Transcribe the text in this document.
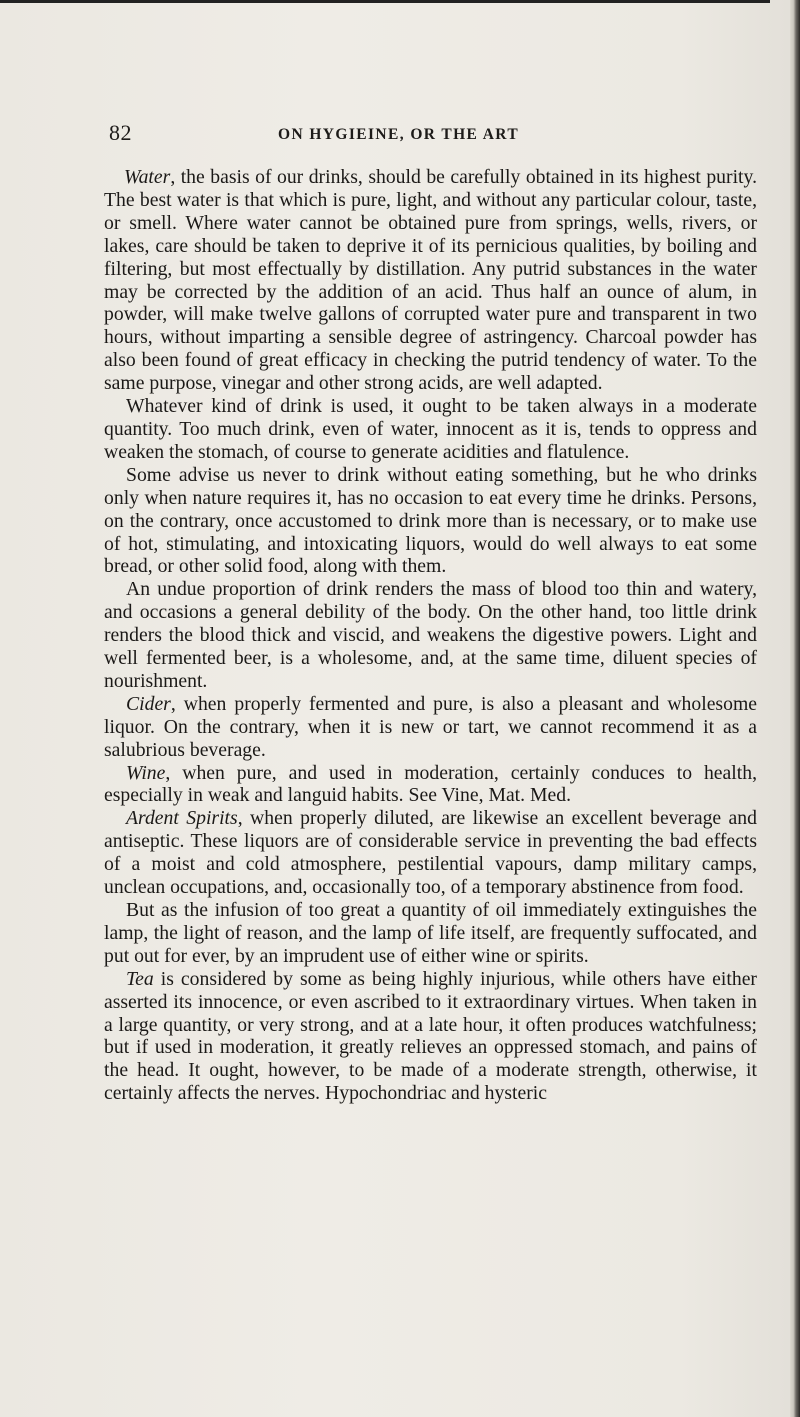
82	ON HYGIEINE, OR THE ART

Water, the basis of our drinks, should be carefully obtained in its highest purity. The best water is that which is pure, light, and without any particular colour, taste, or smell. Where water cannot be obtained pure from springs, wells, rivers, or lakes, care should be taken to deprive it of its pernicious qualities, by boiling and filtering, but most effectually by distillation. Any putrid substances in the water may be corrected by the addition of an acid. Thus half an ounce of alum, in powder, will make twelve gallons of corrupted water pure and transparent in two hours, without imparting a sensible degree of astringency. Charcoal powder has also been found of great efficacy in checking the putrid tendency of water. To the same purpose, vinegar and other strong acids, are well adapted.

Whatever kind of drink is used, it ought to be taken always in a moderate quantity. Too much drink, even of water, innocent as it is, tends to oppress and weaken the stomach, of course to generate acidities and flatulence.

Some advise us never to drink without eating something, but he who drinks only when nature requires it, has no occasion to eat every time he drinks. Persons, on the contrary, once accustomed to drink more than is necessary, or to make use of hot, stimulating, and intoxicating liquors, would do well always to eat some bread, or other solid food, along with them.

An undue proportion of drink renders the mass of blood too thin and watery, and occasions a general debility of the body. On the other hand, too little drink renders the blood thick and viscid, and weakens the digestive powers. Light and well fermented beer, is a wholesome, and, at the same time, diluent species of nourishment.

Cider, when properly fermented and pure, is also a pleasant and wholesome liquor. On the contrary, when it is new or tart, we cannot recommend it as a salubrious beverage.

Wine, when pure, and used in moderation, certainly conduces to health, especially in weak and languid habits. See Vine, Mat. Med.

Ardent Spirits, when properly diluted, are likewise an excellent beverage and antiseptic. These liquors are of considerable service in preventing the bad effects of a moist and cold atmosphere, pestilential vapours, damp military camps, unclean occupations, and, occasionally too, of a temporary abstinence from food.

But as the infusion of too great a quantity of oil immediately extinguishes the lamp, the light of reason, and the lamp of life itself, are frequently suffocated, and put out for ever, by an imprudent use of either wine or spirits.

Tea is considered by some as being highly injurious, while others have either asserted its innocence, or even ascribed to it extraordinary virtues. When taken in a large quantity, or very strong, and at a late hour, it often produces watchfulness; but if used in moderation, it greatly relieves an oppressed stomach, and pains of the head. It ought, however, to be made of a moderate strength, otherwise, it certainly affects the nerves. Hypochondriac and hysteric
